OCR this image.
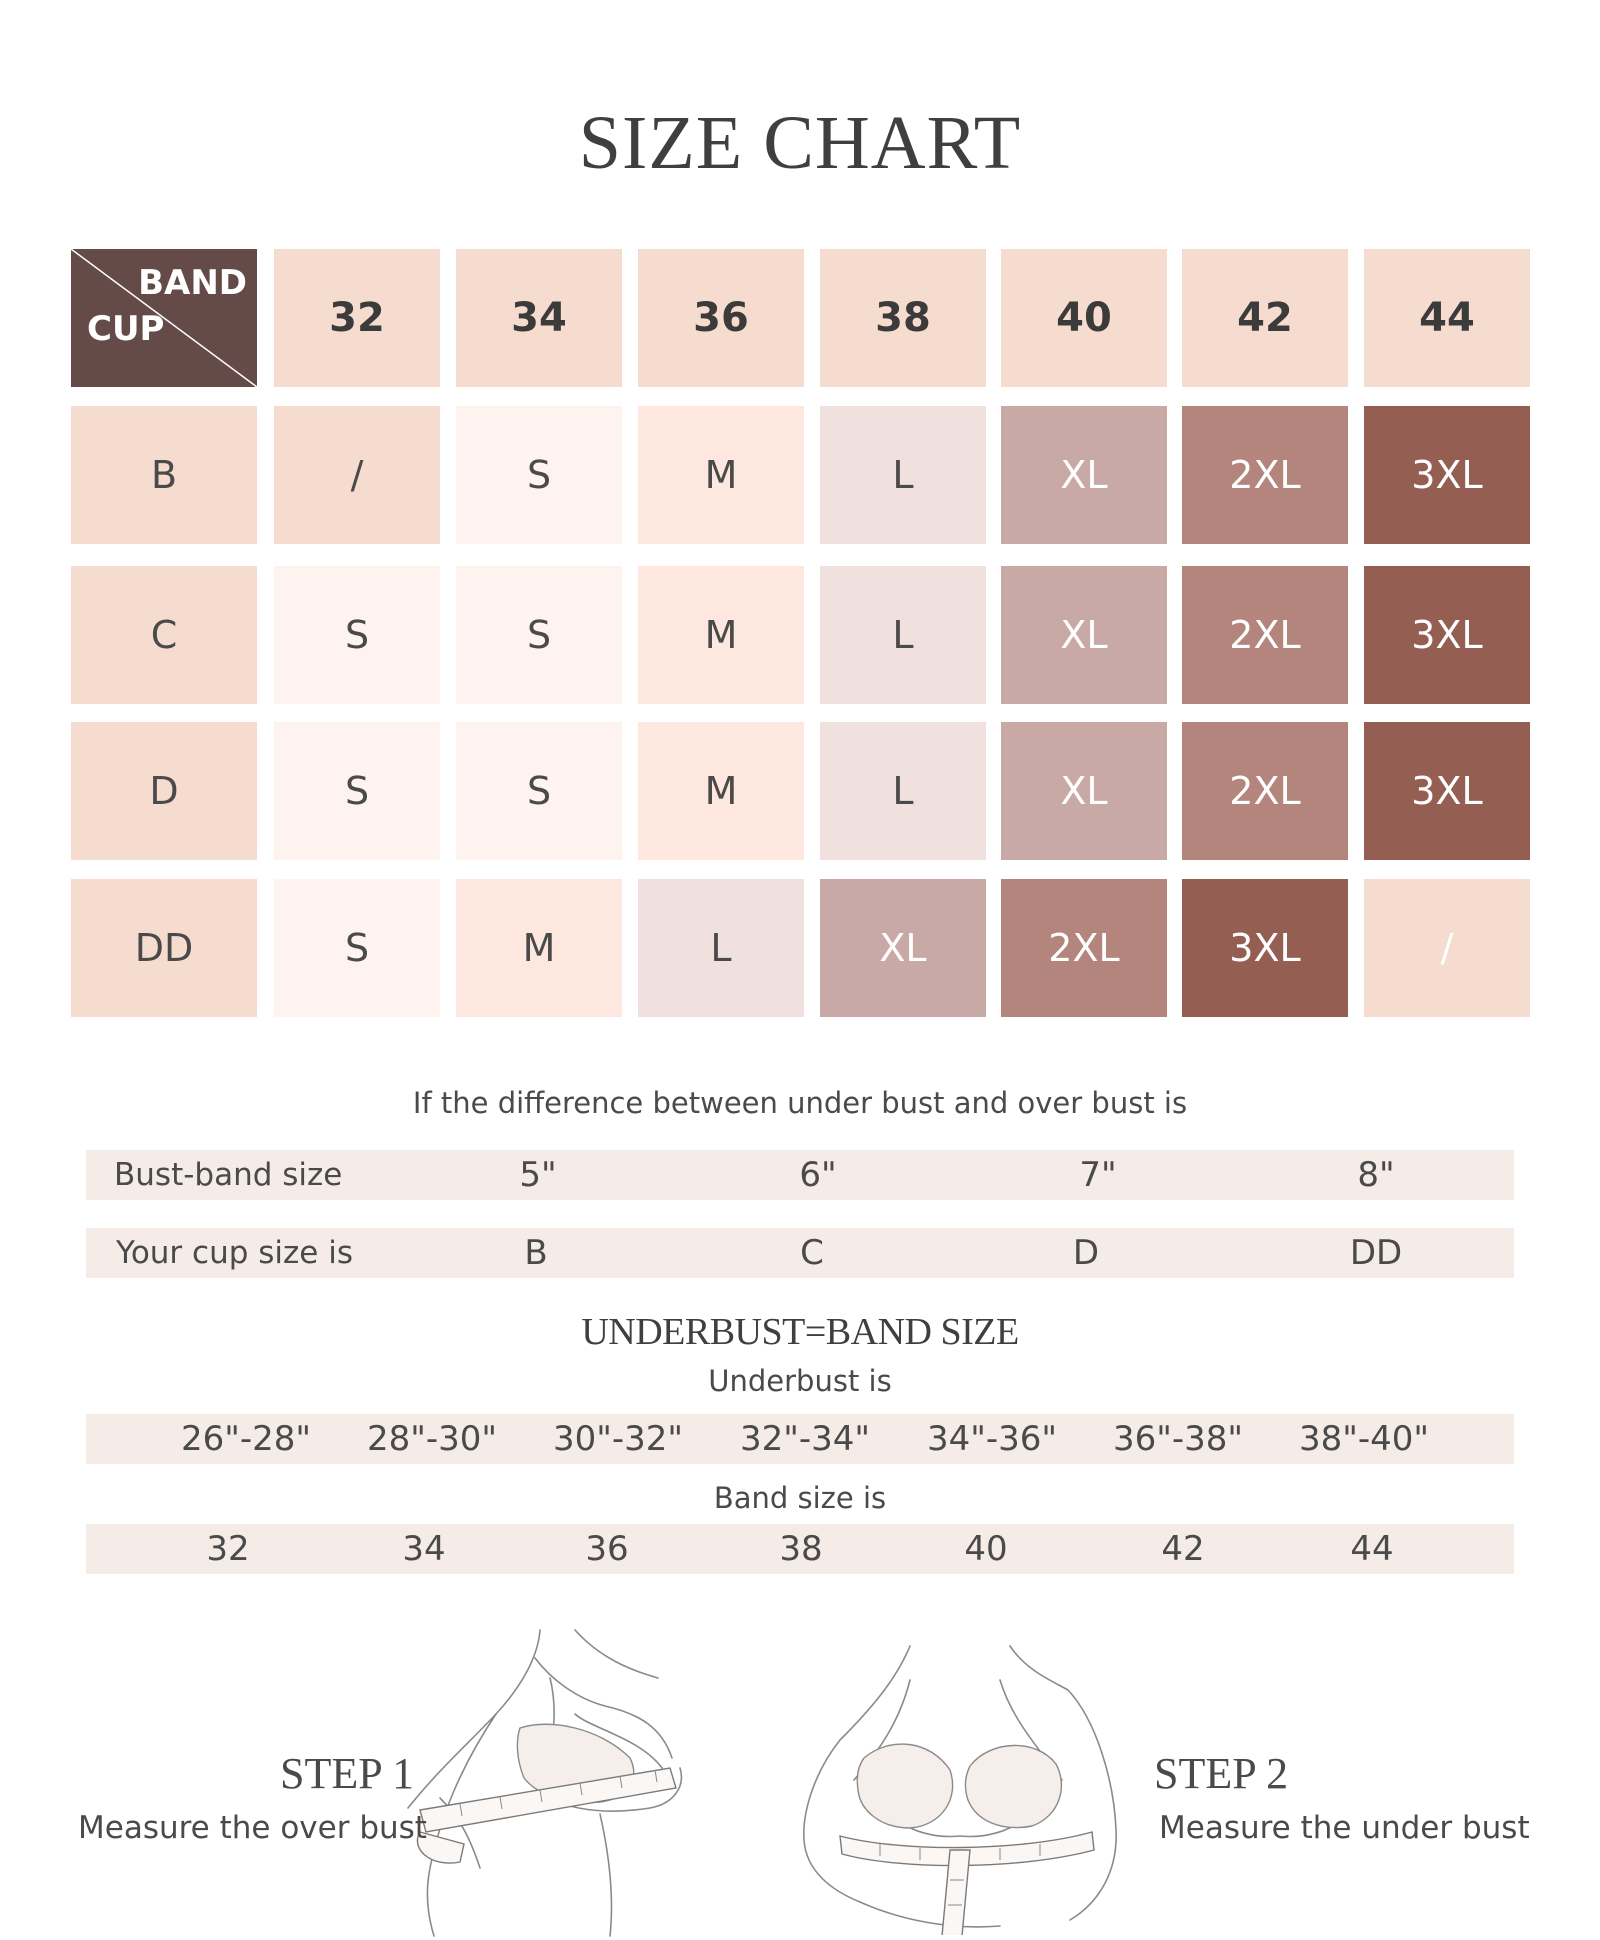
SIZE CHART
BAND
CUP	32	34	36	38	40	42	44
B	/	S	M	L	XL	2XL	3XL
C	S	S	M	L	XL	2XL	3XL
D	S	S	M	L	XL	2XL	3XL
DD	S	M	L	XL	2XL	3XL	/
If the difference between under bust and over bust is
Bust-band size	5"	6"	7"	8"
Your cup size is	B	C	D	DD
UNDERBUST=BAND SIZE
Underbust is
26"-28"	28"-30"	30"-32"	32"-34"	34"-36"	36"-38"	38"-40"
Band size is
32	34	36	38	40	42	44
STEP 1
Measure the over bust
STEP 2
Measure the under bust
